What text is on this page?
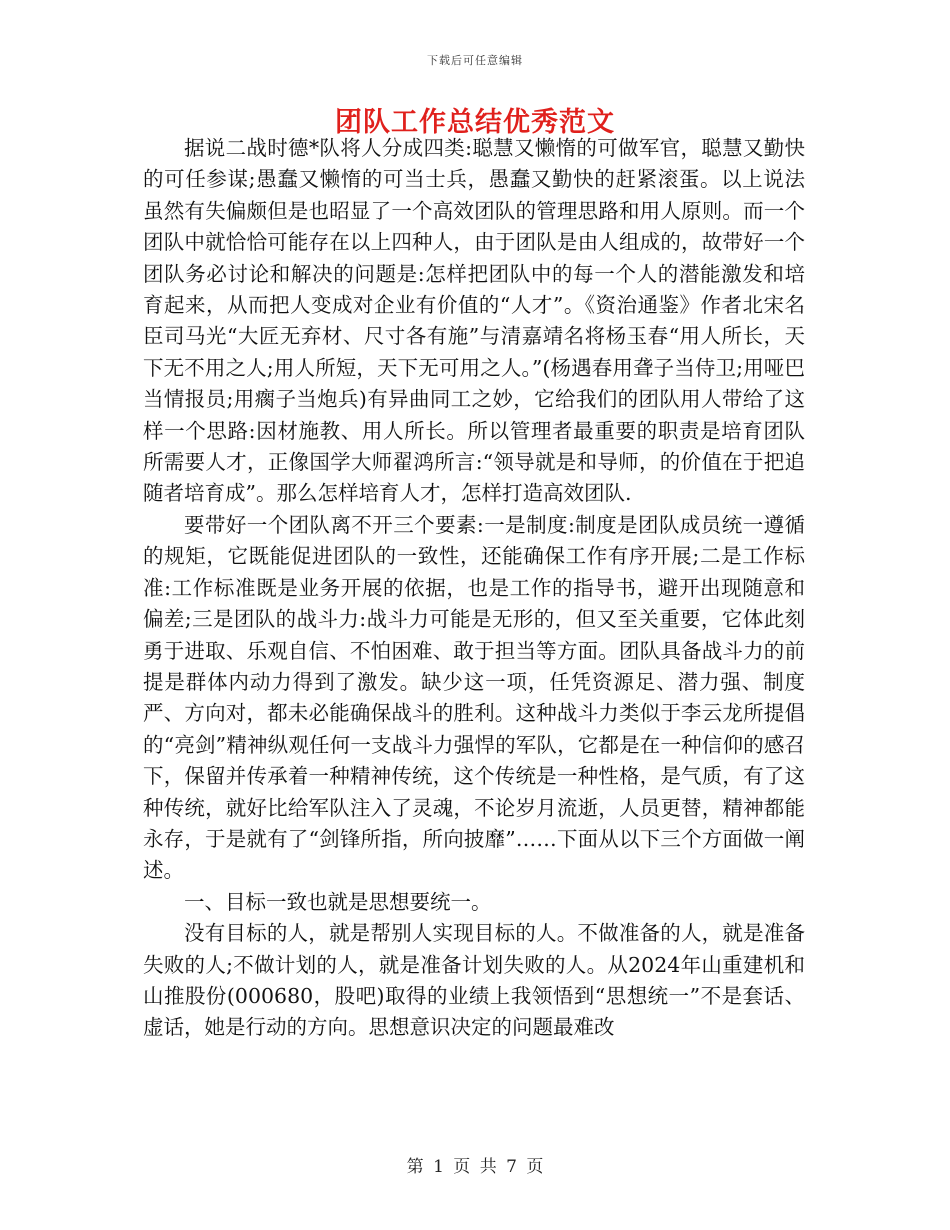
下载后可任意编辑
团队工作总结优秀范文

据说二战时德*队将人分成四类:聪慧又懒惰的可做军官，聪慧又勤快的可任参谋;愚蠢又懒惰的可当士兵，愚蠢又勤快的赶紧滚蛋。以上说法虽然有失偏颇但是也昭显了一个高效团队的管理思路和用人原则。而一个团队中就恰恰可能存在以上四种人，由于团队是由人组成的，故带好一个团队务必讨论和解决的问题是:怎样把团队中的每一个人的潜能激发和培育起来，从而把人变成对企业有价值的“人才”。《资治通鉴》作者北宋名臣司马光“大匠无弃材、尺寸各有施”与清嘉靖名将杨玉春“用人所长，天下无不用之人;用人所短，天下无可用之人。”(杨遇春用聋子当侍卫;用哑巴当情报员;用瘸子当炮兵)有异曲同工之妙，它给我们的团队用人带给了这样一个思路:因材施教、用人所长。所以管理者最重要的职责是培育团队所需要人才，正像国学大师翟鸿所言:“领导就是和导师，的价值在于把追随者培育成”。那么怎样培育人才，怎样打造高效团队.

要带好一个团队离不开三个要素:一是制度:制度是团队成员统一遵循的规矩，它既能促进团队的一致性，还能确保工作有序开展;二是工作标准:工作标准既是业务开展的依据，也是工作的指导书，避开出现随意和偏差;三是团队的战斗力:战斗力可能是无形的，但又至关重要，它体此刻勇于进取、乐观自信、不怕困难、敢于担当等方面。团队具备战斗力的前提是群体内动力得到了激发。缺少这一项，任凭资源足、潜力强、制度严、方向对，都未必能确保战斗的胜利。这种战斗力类似于李云龙所提倡的“亮剑”精神纵观任何一支战斗力强悍的军队，它都是在一种信仰的感召下，保留并传承着一种精神传统，这个传统是一种性格，是气质，有了这种传统，就好比给军队注入了灵魂，不论岁月流逝，人员更替，精神都能永存，于是就有了“剑锋所指，所向披靡”……下面从以下三个方面做一阐述。

一、目标一致也就是思想要统一。

没有目标的人，就是帮别人实现目标的人。不做准备的人，就是准备失败的人;不做计划的人，就是准备计划失败的人。从2024年山重建机和山推股份(000680，股吧)取得的业绩上我领悟到“思想统一”不是套话、虚话，她是行动的方向。思想意识决定的问题最难改

第 1 页 共 7 页
